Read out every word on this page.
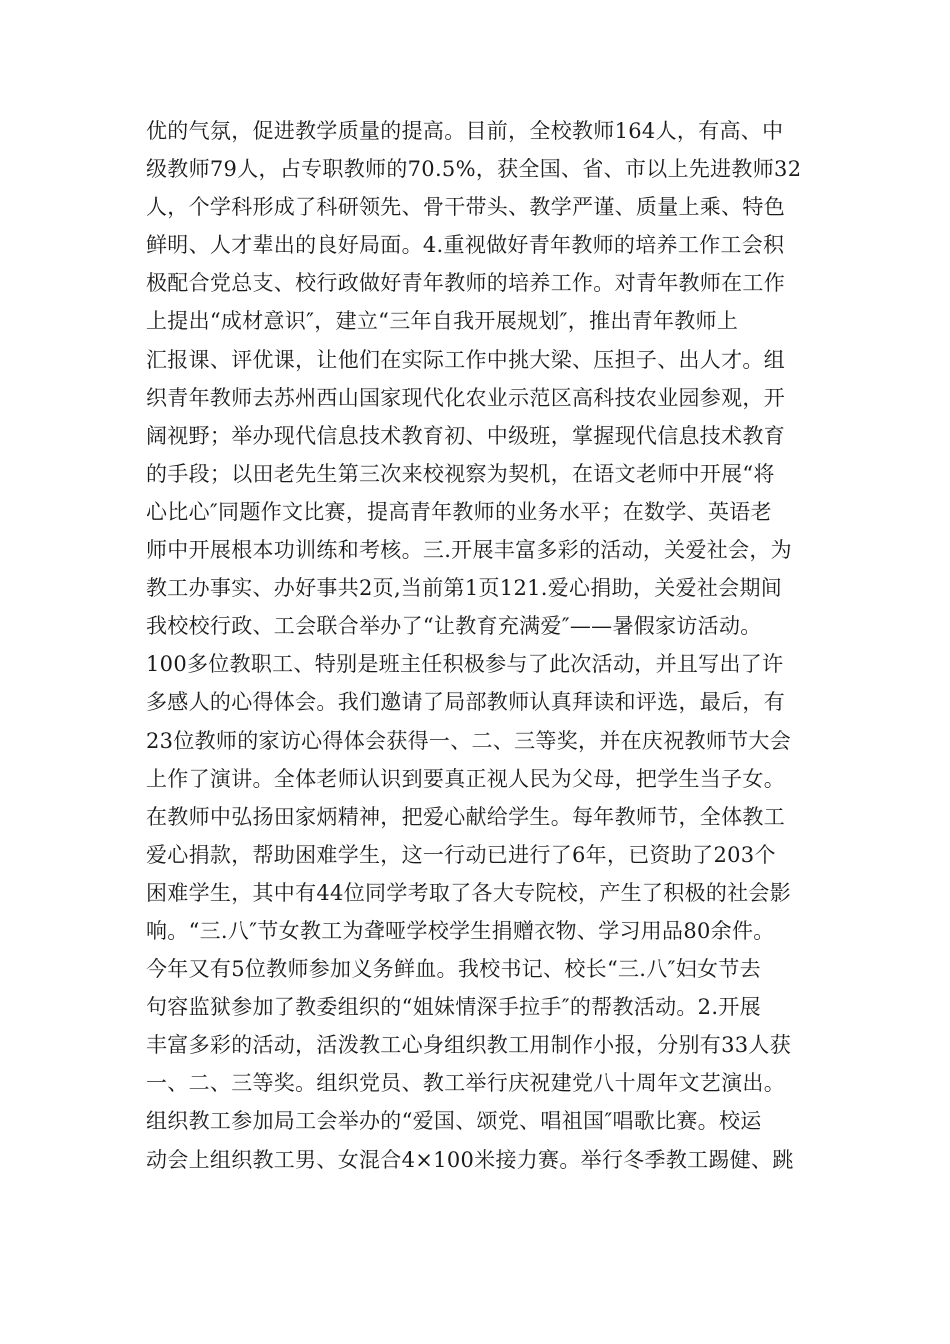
优的气氛，促进教学质量的提高。目前，全校教师164人，有高、中
级教师79人，占专职教师的70.5%，获全国、省、市以上先进教师32
人，个学科形成了科研领先、骨干带头、教学严谨、质量上乘、特色
鲜明、人才辈出的良好局面。4.重视做好青年教师的培养工作工会积
极配合党总支、校行政做好青年教师的培养工作。对青年教师在工作
上提出“成材意识″，建立“三年自我开展规划″，推出青年教师上
汇报课、评优课，让他们在实际工作中挑大梁、压担子、出人才。组
织青年教师去苏州西山国家现代化农业示范区高科技农业园参观，开
阔视野；举办现代信息技术教育初、中级班，掌握现代信息技术教育
的手段；以田老先生第三次来校视察为契机，在语文老师中开展“将
心比心″同题作文比赛，提高青年教师的业务水平；在数学、英语老
师中开展根本功训练和考核。三.开展丰富多彩的活动，关爱社会，为
教工办事实、办好事共2页,当前第1页121.爱心捐助，关爱社会期间
我校校行政、工会联合举办了“让教育充满爱″——暑假家访活动。
100多位教职工、特别是班主任积极参与了此次活动，并且写出了许
多感人的心得体会。我们邀请了局部教师认真拜读和评选，最后，有
23位教师的家访心得体会获得一、二、三等奖，并在庆祝教师节大会
上作了演讲。全体老师认识到要真正视人民为父母，把学生当子女。
在教师中弘扬田家炳精神，把爱心献给学生。每年教师节，全体教工
爱心捐款，帮助困难学生，这一行动已进行了6年，已资助了203个
困难学生，其中有44位同学考取了各大专院校，产生了积极的社会影
响。“三.八″节女教工为聋哑学校学生捐赠衣物、学习用品80余件。
今年又有5位教师参加义务鲜血。我校书记、校长“三.八″妇女节去
句容监狱参加了教委组织的“姐妹情深手拉手″的帮教活动。2.开展
丰富多彩的活动，活泼教工心身组织教工用制作小报，分别有33人获
一、二、三等奖。组织党员、教工举行庆祝建党八十周年文艺演出。
组织教工参加局工会举办的“爱国、颂党、唱祖国″唱歌比赛。校运
动会上组织教工男、女混合4×100米接力赛。举行冬季教工踢健、跳
